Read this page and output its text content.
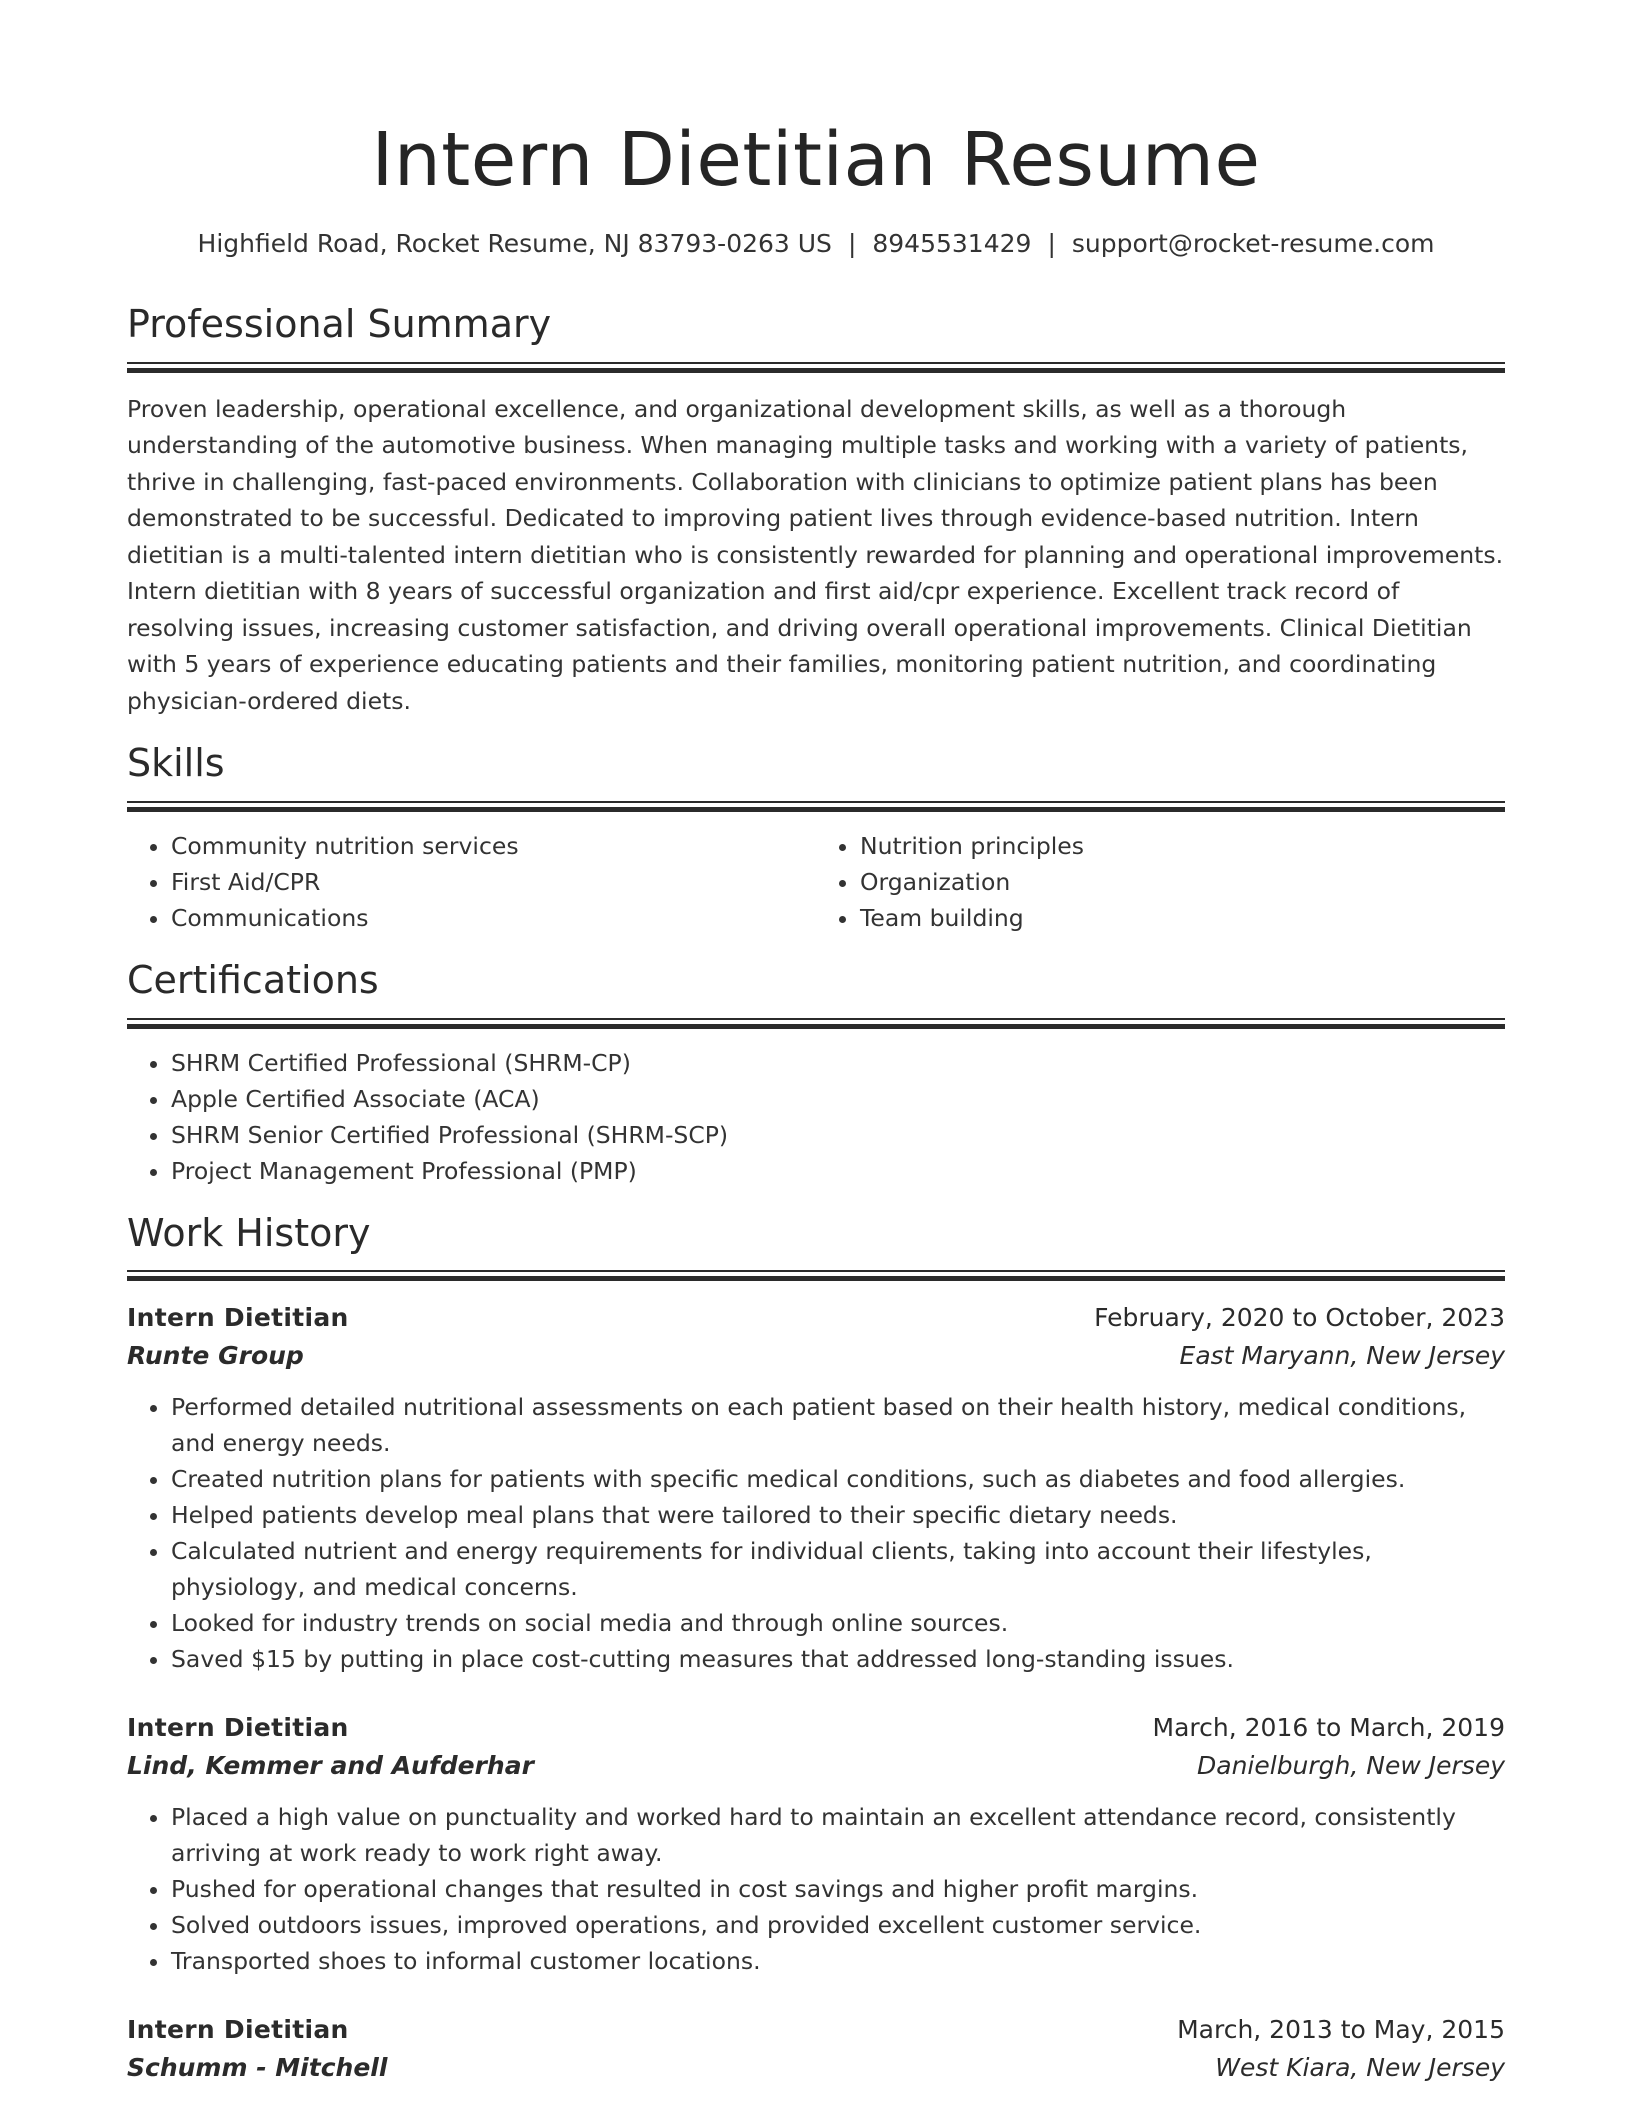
Intern Dietitian Resume
Highfield Road, Rocket Resume, NJ 83793-0263 US | 8945531429 | support@rocket-resume.com
Professional Summary

Proven leadership, operational excellence, and organizational development skills, as well as a thorough understanding of the automotive business. When managing multiple tasks and working with a variety of patients, thrive in challenging, fast-paced environments. Collaboration with clinicians to optimize patient plans has been demonstrated to be successful. Dedicated to improving patient lives through evidence-based nutrition. Intern dietitian is a multi-talented intern dietitian who is consistently rewarded for planning and operational improvements. Intern dietitian with 8 years of successful organization and first aid/cpr experience. Excellent track record of resolving issues, increasing customer satisfaction, and driving overall operational improvements. Clinical Dietitian with 5 years of experience educating patients and their families, monitoring patient nutrition, and coordinating physician-ordered diets.

Skills
• Community nutrition services
• First Aid/CPR
• Communications
• Nutrition principles
• Organization
• Team building
Certifications
• SHRM Certified Professional (SHRM-CP)
• Apple Certified Associate (ACA)
• SHRM Senior Certified Professional (SHRM-SCP)
• Project Management Professional (PMP)
Work History
Intern Dietitian	February, 2020 to October, 2023
Runte Group	East Maryann, New Jersey
• Performed detailed nutritional assessments on each patient based on their health history, medical conditions, and energy needs.
• Created nutrition plans for patients with specific medical conditions, such as diabetes and food allergies.
• Helped patients develop meal plans that were tailored to their specific dietary needs.
• Calculated nutrient and energy requirements for individual clients, taking into account their lifestyles, physiology, and medical concerns.
• Looked for industry trends on social media and through online sources.
• Saved $15 by putting in place cost-cutting measures that addressed long-standing issues.
Intern Dietitian	March, 2016 to March, 2019
Lind, Kemmer and Aufderhar	Danielburgh, New Jersey
• Placed a high value on punctuality and worked hard to maintain an excellent attendance record, consistently arriving at work ready to work right away.
• Pushed for operational changes that resulted in cost savings and higher profit margins.
• Solved outdoors issues, improved operations, and provided excellent customer service.
• Transported shoes to informal customer locations.
Intern Dietitian	March, 2013 to May, 2015
Schumm - Mitchell	West Kiara, New Jersey
